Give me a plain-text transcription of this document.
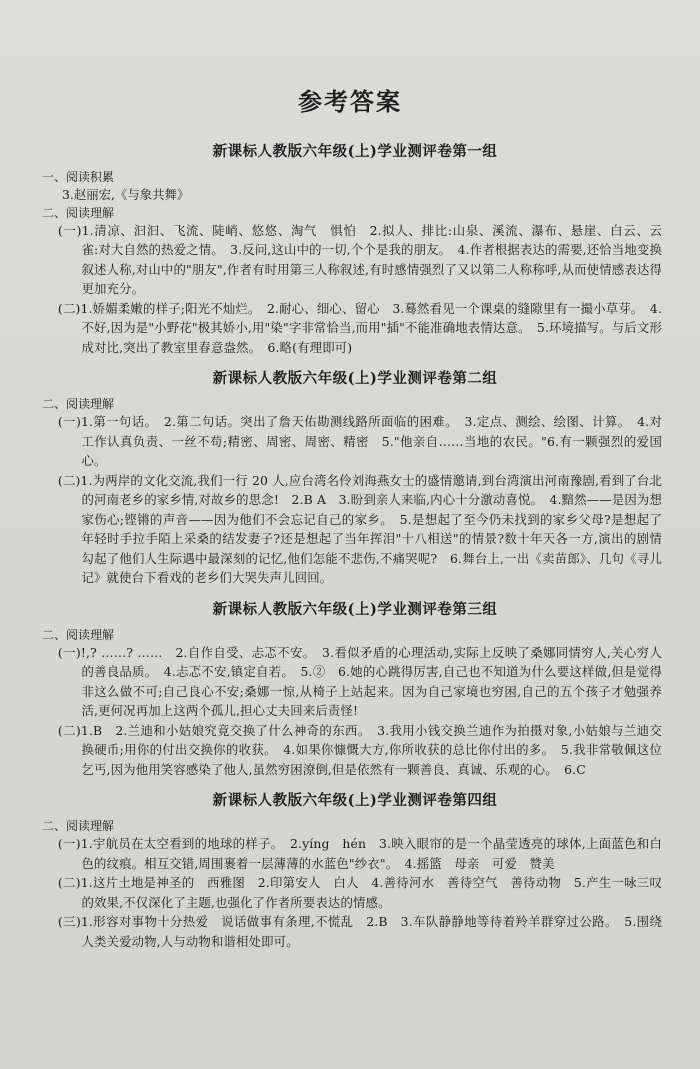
参考答案
新课标人教版六年级(上)学业测评卷第一组
一、阅读积累
3.赵丽宏,《与象共舞》
二、阅读理解
(一)1.清凉、汩汩、飞流、陡峭、悠悠、淘气　惧怕　2.拟人、排比:山泉、溪流、瀑布、悬崖、白云、云　雀:对大自然的热爱之情。　3.反问,这山中的一切,个个是我的朋友。　4.作者根据表达的需要,还恰当地变换叙述人称,对山中的"朋友",作者有时用第三人称叙述,有时感情强烈了又以第二人称称呼,从而使情感表达得更加充分。
(二)1.娇媚柔嫩的样子;阳光不灿烂。　2.耐心、细心、留心　3.蓦然看见一个课桌的缝隙里有一撮小草芽。　4.不好,因为是"小野花"极其娇小,用"染"字非常恰当,而用"插"不能准确地表情达意。　5.环境描写。与后文形成对比,突出了教室里春意盎然。　6.略(有理即可)
新课标人教版六年级(上)学业测评卷第二组
二、阅读理解
(一)1.第一句话。　2.第二句话。突出了詹天佑勘测线路所面临的困难。　3.定点、测绘、绘图、计算。　4.对工作认真负责、一丝不苟;精密、周密、周密、精密　5."他亲自……当地的农民。"6.有一颗强烈的爱国心。
(二)1.为两岸的文化交流,我们一行 20 人,应台湾名伶刘海燕女士的盛情邀请,到台湾演出河南豫剧,看到了台北的河南老乡的家乡情,对故乡的思念!　2.B A　3.盼到亲人来临,内心十分激动喜悦。　4.黯然——是因为想家伤心;铿锵的声音——因为他们不会忘记自己的家乡。　5.是想起了至今仍未找到的家乡父母?是想起了年轻时手拉手陌上采桑的结发妻子?还是想起了当年挥泪"十八相送"的情景?数十年天各一方,演出的剧情勾起了他们人生际遇中最深刻的记忆,他们怎能不悲伤,不痛哭呢?　6.舞台上,一出《卖苗郎》、几句《寻儿记》就使台下看戏的老乡们大哭失声儿回回。
新课标人教版六年级(上)学业测评卷第三组
二、阅读理解
(一)!,? ……? ……　2.自作自受、忐忑不安。　3.看似矛盾的心理活动,实际上反映了桑娜同情穷人,关心穷人的善良品质。　4.忐忑不安,镇定自若。　5.②　6.她的心跳得厉害,自己也不知道为什么要这样做,但是觉得非这么做不可;自己良心不安;桑娜一惊,从椅子上站起来。因为自己家境也穷困,自己的五个孩子才勉强养活,更何况再加上这两个孤儿,担心丈夫回来后责怪!
(二)1.B　2.兰迪和小姑娘究竟交换了什么神奇的东西。　3.我用小钱交换兰迪作为拍摄对象,小姑娘与兰迪交换硬币;用你的付出交换你的收获。　4.如果你慷慨大方,你所收获的总比你付出的多。　5.我非常敬佩这位乞丐,因为他用笑容感染了他人,虽然穷困潦倒,但是依然有一颗善良、真诚、乐观的心。　6.C
新课标人教版六年级(上)学业测评卷第四组
二、阅读理解
(一)1.宇航员在太空看到的地球的样子。　2.yíng　hén　3.映入眼帘的是一个晶莹透亮的球体,上面蓝色和白色的纹痕。相互交错,周围裹着一层薄薄的水蓝色"纱衣"。　4.摇篮　母亲　可爱　赞美
(二)1.这片土地是神圣的　西雅图　2.印第安人　白人　4.善待河水　善待空气　善待动物　5.产生一咏三叹的效果,不仅深化了主题,也强化了作者所要表达的情感。
(三)1.形容对事物十分热爱　说话做事有条理,不慌乱　2.B　3.车队静静地等待着羚羊群穿过公路。　5.围绕人类关爱动物,人与动物和谐相处即可。
